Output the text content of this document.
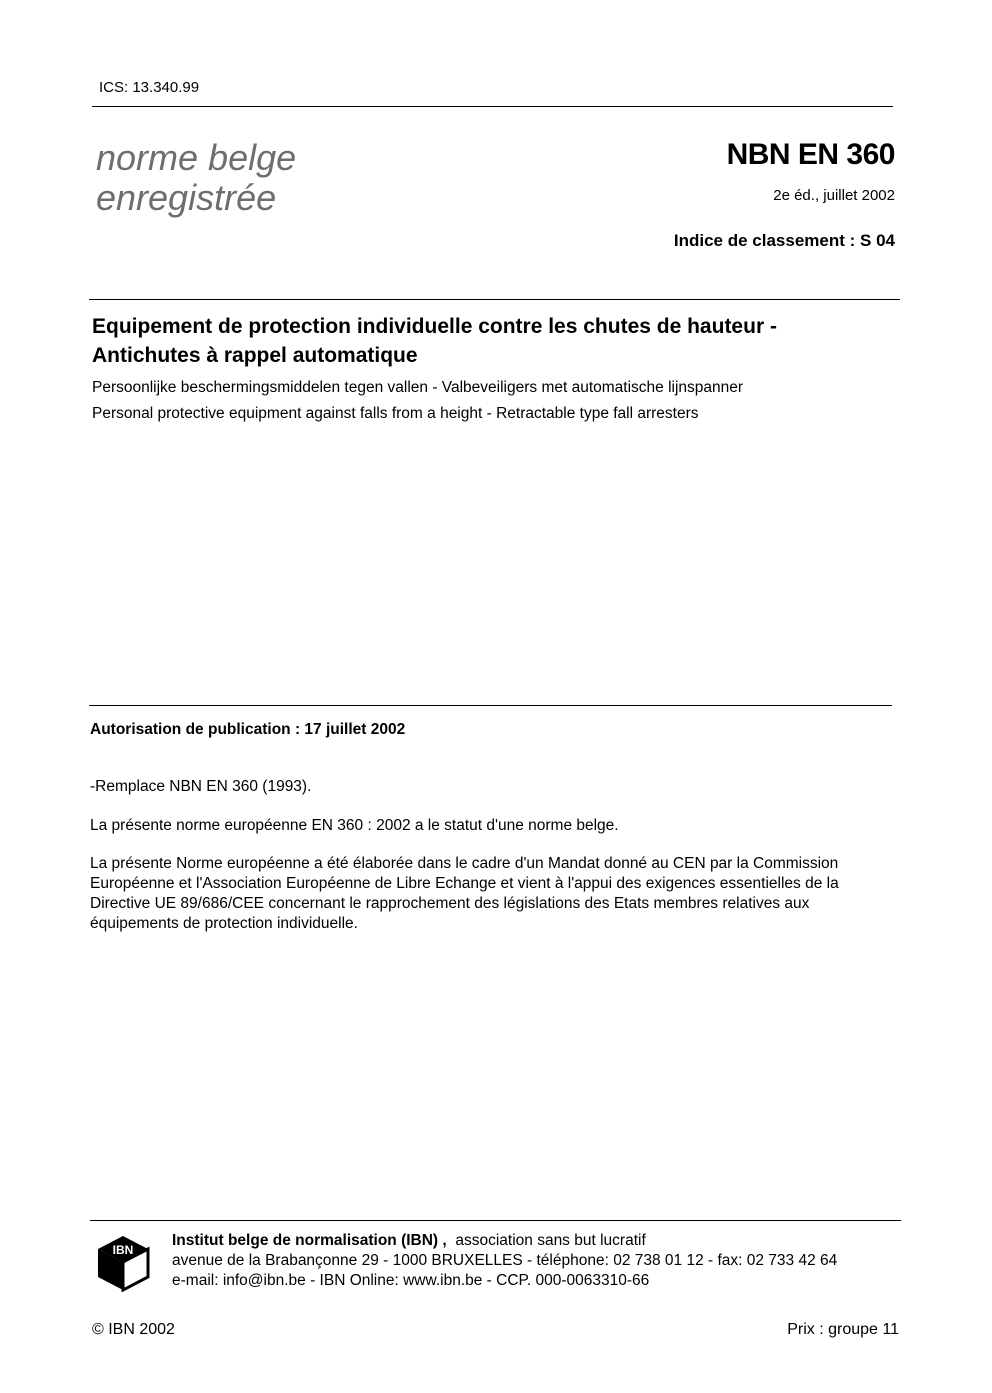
ICS: 13.340.99
norme belge
enregistrée
NBN EN 360
2e éd., juillet 2002
Indice de classement : S 04
Equipement de protection individuelle contre les chutes de hauteur -
Antichutes à rappel automatique
Persoonlijke beschermingsmiddelen tegen vallen - Valbeveiligers met automatische lijnspanner
Personal protective equipment against falls from a height - Retractable type fall arresters
Autorisation de publication : 17 juillet 2002
-Remplace NBN EN 360 (1993).
La présente norme européenne EN 360 : 2002 a le statut d'une norme belge.
La présente Norme européenne a été élaborée dans le cadre d'un Mandat donné au CEN par la Commission Européenne et l'Association Européenne de Libre Echange et vient à l'appui des exigences essentielles de la Directive UE 89/686/CEE concernant le rapprochement des législations des Etats membres relatives aux équipements de protection individuelle.
IBN
Institut belge de normalisation (IBN) , association sans but lucratif
avenue de la Brabançonne 29 - 1000 BRUXELLES - téléphone: 02 738 01 12 - fax: 02 733 42 64
e-mail: info@ibn.be - IBN Online: www.ibn.be - CCP. 000-0063310-66
© IBN 2002	Prix : groupe 11
